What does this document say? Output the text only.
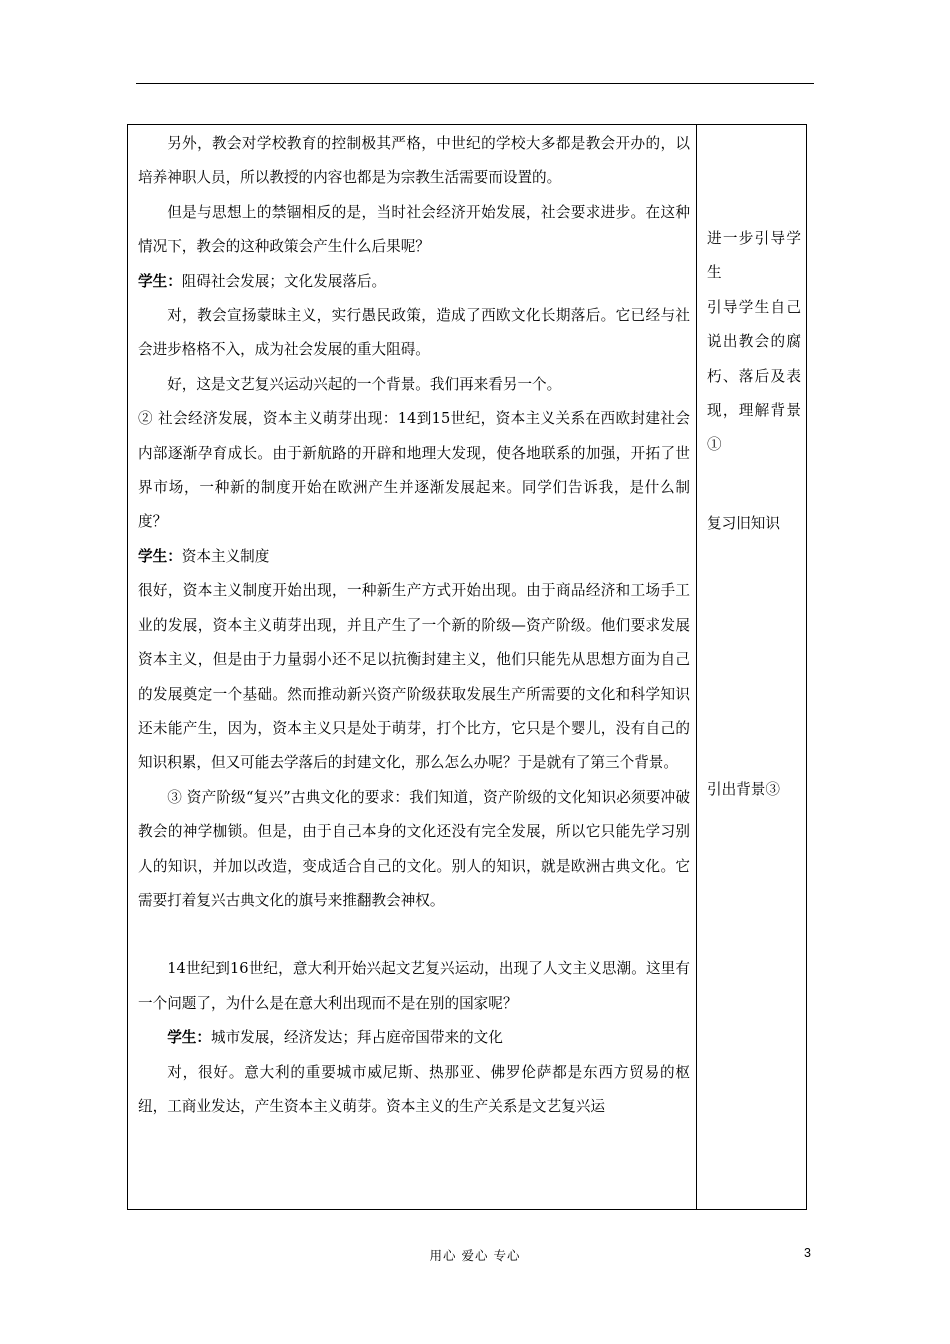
另外，教会对学校教育的控制极其严格，中世纪的学校大多都是教会开办的，以培养神职人员，所以教授的内容也都是为宗教生活需要而设置的。

但是与思想上的禁锢相反的是，当时社会经济开始发展，社会要求进步。在这种情况下，教会的这种政策会产生什么后果呢？

学生：阻碍社会发展；文化发展落后。

对，教会宣扬蒙昧主义，实行愚民政策，造成了西欧文化长期落后。它已经与社会进步格格不入，成为社会发展的重大阻碍。

好，这是文艺复兴运动兴起的一个背景。我们再来看另一个。

② 社会经济发展，资本主义萌芽出现：14到15世纪，资本主义关系在西欧封建社会内部逐渐孕育成长。由于新航路的开辟和地理大发现，使各地联系的加强，开拓了世界市场，一种新的制度开始在欧洲产生并逐渐发展起来。同学们告诉我，是什么制度？

学生：资本主义制度

很好，资本主义制度开始出现，一种新生产方式开始出现。由于商品经济和工场手工业的发展，资本主义萌芽出现，并且产生了一个新的阶级—资产阶级。他们要求发展资本主义，但是由于力量弱小还不足以抗衡封建主义，他们只能先从思想方面为自己的发展奠定一个基础。然而推动新兴资产阶级获取发展生产所需要的文化和科学知识还未能产生，因为，资本主义只是处于萌芽，打个比方，它只是个婴儿，没有自己的知识积累，但又可能去学落后的封建文化，那么怎么办呢？于是就有了第三个背景。

③ 资产阶级“复兴”古典文化的要求：我们知道，资产阶级的文化知识必须要冲破教会的神学枷锁。但是，由于自己本身的文化还没有完全发展，所以它只能先学习别人的知识，并加以改造，变成适合自己的文化。别人的知识，就是欧洲古典文化。它需要打着复兴古典文化的旗号来推翻教会神权。

14世纪到16世纪，意大利开始兴起文艺复兴运动，出现了人文主义思潮。这里有一个问题了，为什么是在意大利出现而不是在别的国家呢？

学生：城市发展，经济发达；拜占庭帝国带来的文化

对，很好。意大利的重要城市威尼斯、热那亚、佛罗伦萨都是东西方贸易的枢纽，工商业发达，产生资本主义萌芽。资本主义的生产关系是文艺复兴运

进一步引导学生

引导学生自己说出教会的腐朽、落后及表现，理解背景①

复习旧知识

引出背景③

用心 爱心 专心	3
